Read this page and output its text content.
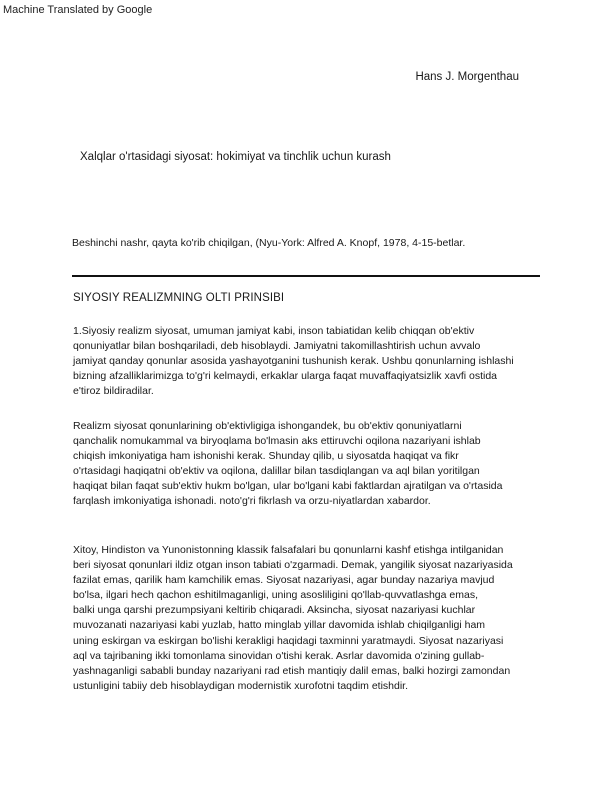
Machine Translated by Google
Hans J. Morgenthau
Xalqlar o'rtasidagi siyosat: hokimiyat va tinchlik uchun kurash
Beshinchi nashr, qayta ko'rib chiqilgan, (Nyu-York: Alfred A. Knopf, 1978, 4-15-betlar.
SIYOSIY REALIZMNING OLTI PRINSIBI
1.Siyosiy realizm siyosat, umuman jamiyat kabi, inson tabiatidan kelib chiqqan ob'ektiv
qonuniyatlar bilan boshqariladi, deb hisoblaydi. Jamiyatni takomillashtirish uchun avvalo
jamiyat qanday qonunlar asosida yashayotganini tushunish kerak. Ushbu qonunlarning ishlashi
bizning afzalliklarimizga to'g'ri kelmaydi, erkaklar ularga faqat muvaffaqiyatsizlik xavfi ostida
e'tiroz bildiradilar.
Realizm siyosat qonunlarining ob'ektivligiga ishongandek, bu ob'ektiv qonuniyatlarni
qanchalik nomukammal va biryoqlama bo'lmasin aks ettiruvchi oqilona nazariyani ishlab
chiqish imkoniyatiga ham ishonishi kerak. Shunday qilib, u siyosatda haqiqat va fikr
o'rtasidagi haqiqatni ob'ektiv va oqilona, dalillar bilan tasdiqlangan va aql bilan yoritilgan
haqiqat bilan faqat sub'ektiv hukm bo'lgan, ular bo'lgani kabi faktlardan ajratilgan va o'rtasida
farqlash imkoniyatiga ishonadi. noto'g'ri fikrlash va orzu-niyatlardan xabardor.
Xitoy, Hindiston va Yunonistonning klassik falsafalari bu qonunlarni kashf etishga intilganidan
beri siyosat qonunlari ildiz otgan inson tabiati o'zgarmadi. Demak, yangilik siyosat nazariyasida
fazilat emas, qarilik ham kamchilik emas. Siyosat nazariyasi, agar bunday nazariya mavjud
bo'lsa, ilgari hech qachon eshitilmaganligi, uning asosliligini qo'llab-quvvatlashga emas,
balki unga qarshi prezumpsiyani keltirib chiqaradi. Aksincha, siyosat nazariyasi kuchlar
muvozanati nazariyasi kabi yuzlab, hatto minglab yillar davomida ishlab chiqilganligi ham
uning eskirgan va eskirgan bo'lishi kerakligi haqidagi taxminni yaratmaydi. Siyosat nazariyasi
aql va tajribaning ikki tomonlama sinovidan o'tishi kerak. Asrlar davomida o'zining gullab-
yashnaganligi sababli bunday nazariyani rad etish mantiqiy dalil emas, balki hozirgi zamondan
ustunligini tabiiy deb hisoblaydigan modernistik xurofotni taqdim etishdir.
